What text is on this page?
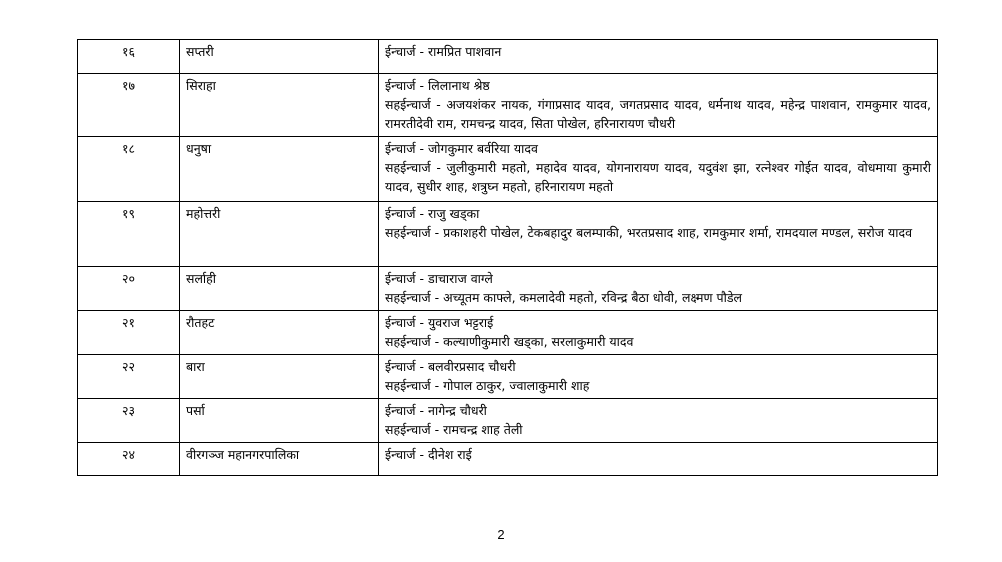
१६	सप्तरी	ईन्चार्ज - रामप्रित पाशवान

१७	सिराहा	ईन्चार्ज - लिलानाथ श्रेष्ठ
सहईन्चार्ज - अजयशंकर नायक, गंगाप्रसाद यादव, जगतप्रसाद यादव, धर्मनाथ यादव, महेन्द्र पाशवान, रामकुमार यादव, रामरतीदेवी राम, रामचन्द्र यादव, सिता पोखेल, हरिनारायण चौधरी

१८	धनुषा	ईन्चार्ज - जोगकुमार बर्वरिया यादव
सहईन्चार्ज - जुलीकुमारी महतो, महादेव यादव, योगनारायण यादव, यदुवंश झा, रत्नेश्वर गोईत यादव, वोधमाया कुमारी यादव, सुधीर शाह, शत्रुघ्न महतो, हरिनारायण महतो

१९	महोत्तरी	ईन्चार्ज - राजु खड्का
सहईन्चार्ज - प्रकाशहरी पोखेल, टेकबहादुर बलम्पाकी, भरतप्रसाद शाह, रामकुमार शर्मा, रामदयाल मण्डल, सरोज यादव

२०	सर्लाही	ईन्चार्ज - डाचाराज वाग्ले
सहईन्चार्ज - अच्यूतम काफ्ले, कमलादेवी महतो, रविन्द्र बैठा धोवी, लक्ष्मण पौडेल

२१	रौतहट	ईन्चार्ज - युवराज भट्टराई
सहईन्चार्ज - कल्याणीकुमारी खड्का, सरलाकुमारी यादव

२२	बारा	ईन्चार्ज - बलवीरप्रसाद चौधरी
सहईन्चार्ज - गोपाल ठाकुर, ज्वालाकुमारी शाह

२३	पर्सा	ईन्चार्ज - नागेन्द्र चौधरी
सहईन्चार्ज - रामचन्द्र शाह तेली

२४	वीरगञ्ज महानगरपालिका	ईन्चार्ज - दीनेश राई
2
